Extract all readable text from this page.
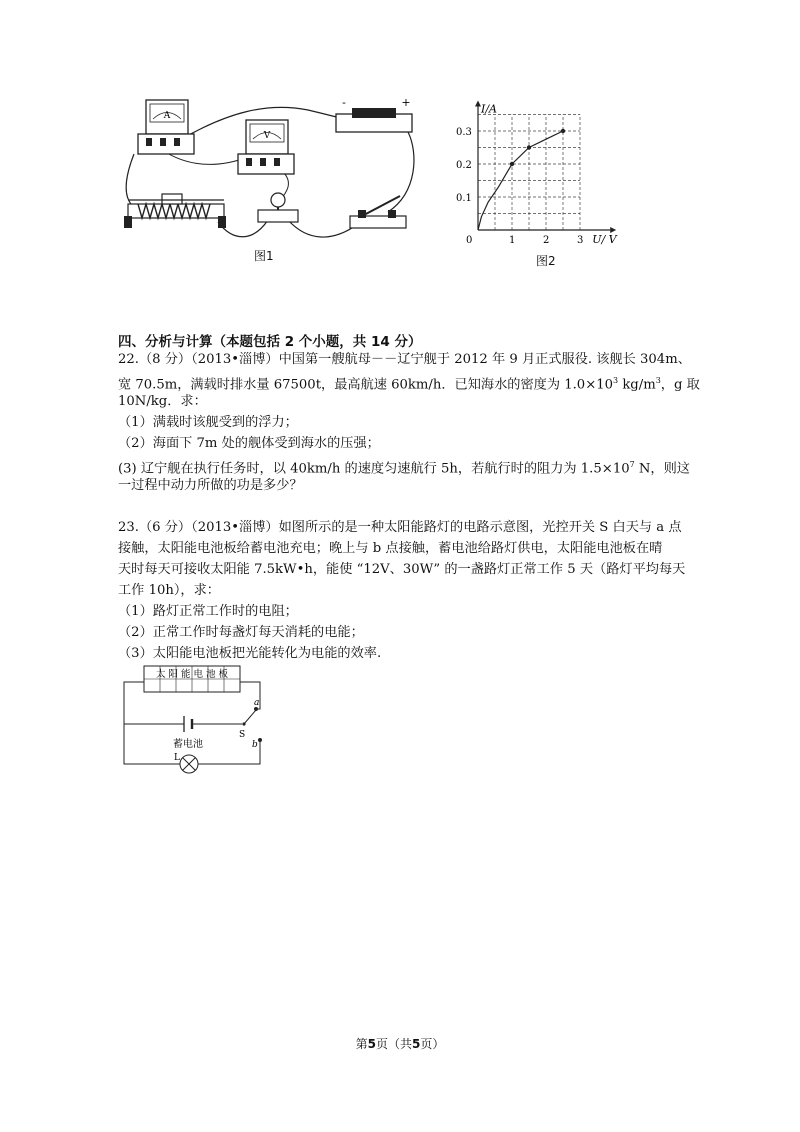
A
V
-	+
图1
0	1	2	3
0.1
0.2
0.3
I/A
U/ V
图2
四、分析与计算（本题包括 2 个小题，共 14 分）
22.（8 分）（2013•淄博）中国第一艘航母－－辽宁舰于 2012 年 9 月正式服役. 该舰长 304m、
宽 70.5m，满载时排水量 67500t，最高航速 60km/h．已知海水的密度为 $1.0\times 10^3$ $kg/m^3$，g 取
10N/kg．求：
（1）满载时该舰受到的浮力；
（2）海面下 7m 处的舰体受到海水的压强；
(3) 辽宁舰在执行任务时，以 40km/h 的速度匀速航行 5h，若航行时的阻力为 $1.5\times 10^7$ N，则这
一过程中动力所做的功是多少？
23.（6 分）（2013•淄博）如图所示的是一种太阳能路灯的电路示意图，光控开关 S 白天与 a 点
接触，太阳能电池板给蓄电池充电；晚上与 b 点接触，蓄电池给路灯供电，太阳能电池板在晴
天时每天可接收太阳能 7.5kW•h，能使 “12V、30W” 的一盏路灯正常工作 5 天（路灯平均每天
工作 10h），求：
（1）路灯正常工作时的电阻；
（2）正常工作时每盏灯每天消耗的电能；
（3）太阳能电池板把光能转化为电能的效率.
太 阳 能 电 池 板
蓄电池
a
S
b
L
第5页（共5页）
